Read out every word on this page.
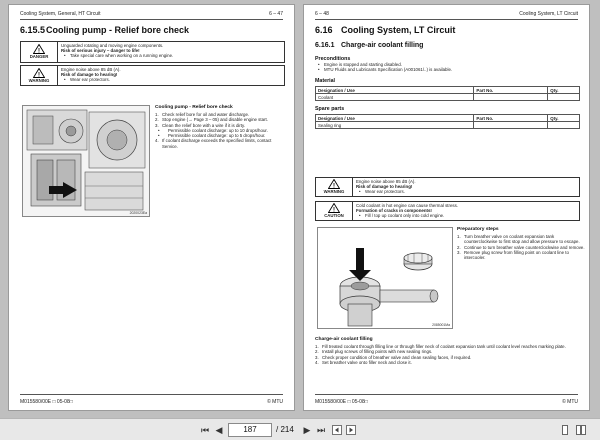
Cooling System, General, HT Circuit	6 – 47
6.15.5Cooling pump - Relief bore check
!
DANGER
Unguarded rotating and moving engine components.
Risk of serious injury – danger to life!
• Take special care when working on a running engine.
!
WARNING
Engine noise above 85 dB (A).
Risk of damage to hearing!
• Wear ear protectors.
2020023Ea
Cooling pump - Relief bore check
1. Check relief bore for oil and water discharge.
2. Stop engine (→ Page 3 – 05) and disable engine start.
3. Clean the relief bore with a wire if it is dirty.
• Permissible coolant discharge: up to 10 drops/hour.
• Permissible coolant discharge: up to 5 drops/hour.
4. If coolant discharge exceeds the specified limits, contact Service.
M015580/00E □ 05-08□	© MTU
6 – 48	Cooling System, LT Circuit
6.16 Cooling System, LT Circuit
6.16.1 Charge-air coolant filling
Preconditions
• Engine is stopped and starting disabled.
• MTU Fluids and Lubricants Specification (A001061/..) is available.
Material
Designation / Use	Part No.	Qty.
Coolant		
Spare parts
Designation / Use	Part No.	Qty.
Sealing ring		
!
WARNING
Engine noise above 85 dB (A).
Risk of damage to hearing!
• Wear ear protectors.
!
CAUTION
Cold coolant in hot engine can cause thermal stress.
Formation of cracks in components!
• Fill / top up coolant only into cold engine.
2085001Ma
Preparatory steps
1. Turn breather valve on coolant expansion tank counterclockwise to first stop and allow pressure to escape.
2. Continue to turn breather valve counterclockwise and remove.
3. Remove plug screw from filling point on coolant line to intercooler.
Charge-air coolant filling
1. Fill treated coolant through filling line or through filler neck of coolant expansion tank until coolant level reaches marking plate.
2. Install plug screws of filling points with new sealing rings.
3. Check proper condition of breather valve and clean sealing faces, if required.
4. Set breather valve onto filler neck and close it.
M015580/00E □ 05-08□	© MTU
⏮ ◀	187	/ 214 ▶ ⏭
